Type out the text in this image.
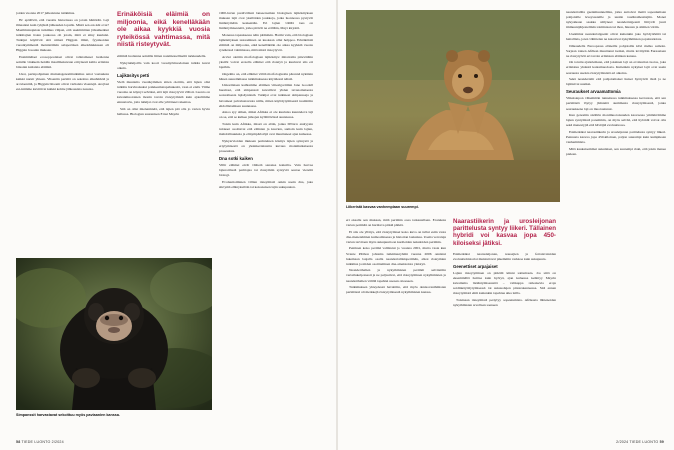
joiden vuonna 2017 julkaistuna tuttkimus.

Hc epäilivät, että vuosttu historiassa on jotain hämärää. Laji ilmaantui kuin tyhjästä jääkauden lopulla. Mistä sen esi-isät ovat? Maailmalaajuisia tutkimus vihjasi, että useimmitten jääsulkeikiet tulkittajien itsien joukossa oli jotain, mitä ei siiny kuuluisi. Tutkijat käyttivät sitä nimeä Higgsin ilmiö, fyysikoiden vuosikymmeniä metsästämän salaperäisen alkeishiukkasen eli Higgsin bosonin mukaan.

Ensimmäiset ecosopposlaiset olivat talletamaset luolienna seinille vinkkein heidän maailmakuvaan erityisesti kaltia erilaisia biisonin kaltaisia eläimiä.

Uusi, perinpohjainen muinaisgenomitutkimus antoi vastauksia kaikki naruit yhteen. Viisentin perimä on sekoitus alkuhärkää ja arovisenttiä, ja Higgsin biisonit olivat varhaisia visentejä. Arojlasi esi-isämme kuvittivat kaikki kolme jääkausista naastaa.

Erinäköisiä eläimiä on miljoonia, eikä kenelläkään ole aikaa kyykkiä vuosia ryteikössä vahtimassa, mitä niistä risteytyvät.

eläimiä luolienna seiniille liitten nonmieteelliseltä tarkkuudella.

Nykytutkijoilla vain koori vuosityömuodoinen tulkita kuvat oikein.

Lajikäsitys petti

Vielä muutama vuosikymmen sitten olettiin, että lajien olisi tulkittu harvinaisuksi poikkeamatapahukesiä, vaan ei enää. Viime vuosina on käynyt selväksi, että lajit risteytyvät villisti. Luonto on kuvanmuotoinen monin tavoin risteytymistä kuin ajatelimme ennustavia, jotta tutkijat ovat alle yrittäneet rakentaa.

Sitä on ollut mielenmielä, että lajien piti olla jo varten hyvin hallussa. Biologian suurenisen Ernst Mayrin

1900-luvun puolivälissä lanseeraaman biologisen lajikäsityksen mukaan lajit ovat yksilöiden joukkoja, jotka luonnossa pystyvät lisääntymään keskenään. Eri lajien välillä taas on lisääntymisestettä, jotka pitävät ne erillään, Mayr kirjoitti.

Monessa tapauksessa näin pitäisikin. Harmi vain, että biologisen lajikäsityksen testaaminen on kuokaan ollut helppoa. Erinäköisiä eläimiä on miljoonia, eikä kenelläkään ole aikaa kyykkiä vuosia ryteikössä vahtimassa, mitä niistä risteytyvät.

Arviot olettiin morfologisen lajikäsitys: mitattoilta pätevätäiin yksilöt voivat erotella eläimet että ristetyä ja kuuluvat siis eri lajeihin.

Ongelma on, että eläimet välttä morfologiaalia pärennä nykäisin hänen suuremmassa tutkimuksessa käyttäessä näistä.

Unkarilaisen kaihtamme eläimen viitealgoritmin Jane Goodall huomasi, että simpanssit kuvailivat yhden tavanomaisesta sosiaalisesta lajisäynnistä. Tutkijat ovat tutkineet simpansseja ja havaineet palvelustavasta niille, miten käyttäytymisestä tuomittiin ehdollistamisen suunnassa.

Ainoa syy siihen, miksi Afrikka ei ole kuuluisa kuunteleva laji on se, että se kulkee jalkojen kyllättävässä suunnassa.

Toisin kuin Afrikka, missä on eläin, jonka DNA:n analyysin tulokset osoittavat että eläinten ja kasvien, samoin kuin lajien, mahdollisuuksia ja elinympäristöjä ovat muuttuneet ajan kuluessa.

Nykyarvioiden mukaan perinteinen käsitys lajien synnystä ja eriytymisestä on yksinkertaistettu kuvaus monimutkaisesta prosessista.

Dna sotki kaiken

Villit eläimet eivät välitetä sanansa kaiteilta. Vain harvaa lajierotilastä parittajaa tai risteymiin syntyviä seuraa viereltä biologi.

Evoluutioiminen villien risteymistä onkin usein dna, joka siirtymä eläinyksilöin tai kokonaisen lajin sukupuuton.

Simpanssit harvastavat sekoittuu myös paviaanien kanssa.
58 TIEDE LUONTO 2/2024
Liikeristä kasvaa vanhempiaan suurempi.

eri oksalle sen mukaan, mitä perimän osaa tarkastellaan. Erotuksia varten perimää on harittava pitkiä pätkiä.

Ei siis ole yllätys, että risteytymiset koko kuva on tullut esiin vasta dna-menetelmien kumoamisessa ja historian laskuissa. Useita verratuja varten tarvitaan myös sukupuuttoon kuolleiden nakuloiden perimän.

Pentinen koko perimä valmistui jo vuonna 2001, mutta vasta kun Svante Pääbon johtama tutkimusryhmä vuonna 2006 onnistui lukemaan laajalla osalla neandertalilaisperimän, alkoi risteymien tutkimus ja niiden osoittaminen dna-aineistoista yleistyä.

Neanderthalien ja nykyihmisten perimät selvitettiin vertailukelpoisesti ja ne paljastivat, että risteytyminen nykyihmisten ja neanderthalien välillä tapahtui useaan otteeseen.

Tutkimuksen yhteydessä havaittiin, että myös denisovanihmisten perimässä oli merkkejä risteytymisestä nykyihmisten kanssa.

Naarastiikerin ja urosleijonan parittelusta syntyy liikeri. Tällainen hybridi voi kasvaa jopa 450-kiloiseksi jätiksi.

Esimerkiksi naarasleijonan, nousajien ja fertalavalaiden evoluutiohistoriat muistuttavat pikemmin verkkoa kuin sukupuuta.

Geenettiset arpajaiset

Lajien risteytyminen on pitkälti kiinni sattumasta. Jos siitä on eksemmältä haittaa kuin hyötyä, ajan kuluessa kehittyy Mayrin kuvailema lisääntymisestettä – valtkappa ratkaisevia eroja soidinkäyttäytymisessä tai sukusolujen pintarakenteessa. Sitä ennen risteytymistä ehtii kuitenkin tapahtua aika lailla.

Toisinaan risteymistä periytyy sopeutumista. Afrikasta lähteneiden nykyihmisten arvellaan saaneen

neandertalilta geenimuunnelmia, jotka auttoivat meitä sopeutumaan pohjoisille leveysasteille ja uusiin taudinaiheuttajiin. Monet nykyaikaan saakka säilyneet neandertalgeenit liittyvät juuri immuunijärjestelmän toimintaan tai ihon, hiusten ja silmien väriin.

Useimmat neandertalgeenit olivat kuitenkin joko hyödyttömiä tai haitallisia, joten vähittelen ne katosivat nykyihmisten populaatioista.

Jääkaudella Euroopassa eläneille pohjoisille kävi melko samoin. Sarjaan toinen Afrikan muuttanut isoiksi, mutta levittyään Euraasiaan ne risteytyivät eri tavoin erilaisten eläinten kanssa.

On totuttu ajattelemaan, että jokainen laji on evoluution tuotos, joka erilaistuu yhdestä kantamuodosta. Kuitenkin nykyiset lajit ovat usein seurausta useista risteytymisistä eri aikoina.

Sekä neandertalit että pohjoismaiset huiset hyötyivät tästä ja ne lajittuivat uusiksi.

Seuraukset arvaamattomia

Viiksisiepon vähemmän tunnetussa tutkimuksessa kerrotaan, että sen perimästä löytyy jäänteitä aiemmasta risteytymisestä, jonka seurauksena laji on muotoutunut.

Kun genomin sisällön monimuotoisuuden kasvaessa ymmärrämme lajien syntymistä paremmin, on myös selvää, että hybridit voivat olla sekä menestyjiä että häviäjiä evoluutiossa.

Esimerkiksi naarastiikerin ja urosleijonan parittelusta syntyy liikeri. Pennusta kasvaa jopa 450-kiloinen, paljon suurempi kuin kumpikaan vanhemmista.

Mitä kaukaisemmat sukulaiset, sen suurempi riski, että jokin menee pieleen.

2/2024 TIEDE LUONTO 59
